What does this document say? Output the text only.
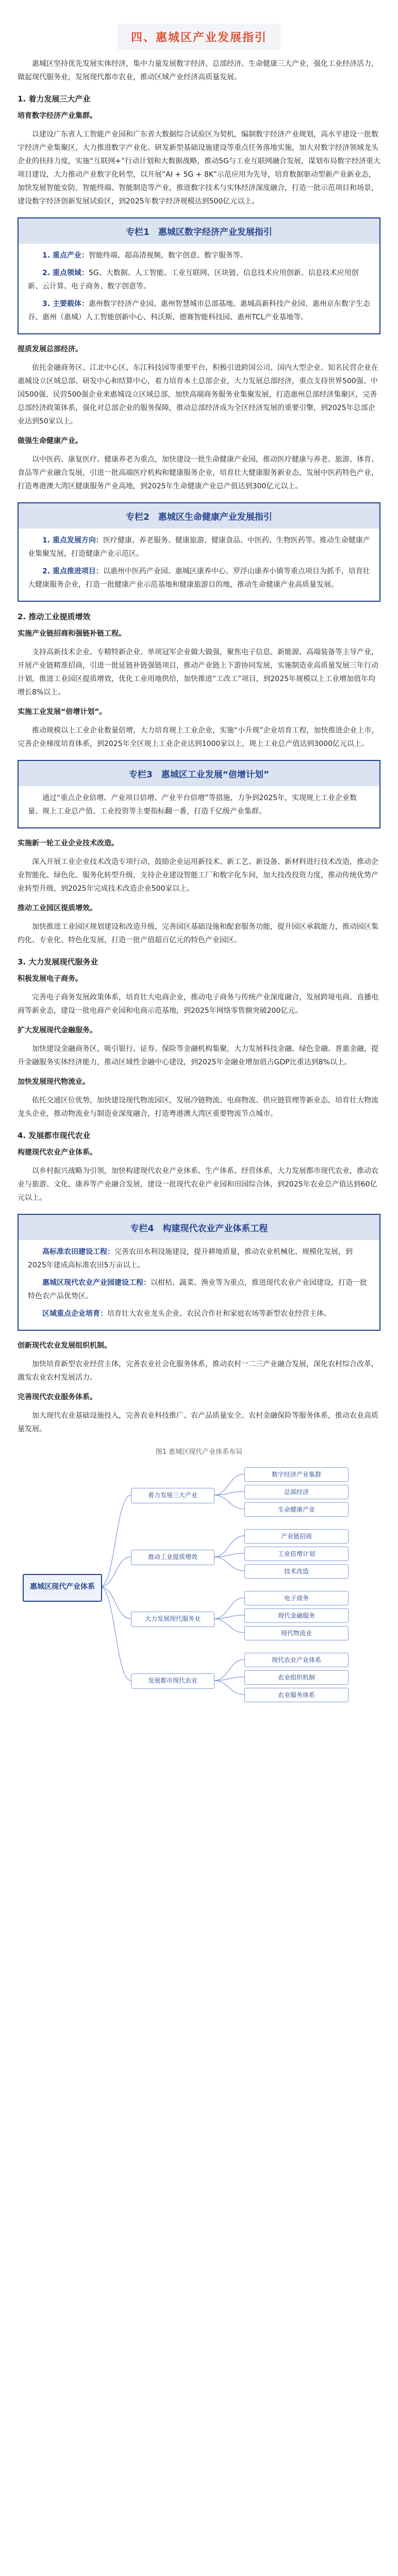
四、惠城区产业发展指引

惠城区坚持优先发展实体经济，集中力量发展数字经济、总部经济、生命健康三大产业，强化工业经济活力，做起现代服务业，发展现代都市农业，推动区域产业经济高质量发展。

1. 着力发展三大产业
培育数字经济产业集群。

以建设广东省人工智能产业园和广东省大数据综合试验区为契机，编制数字经济产业规划，高水平建设一批数字经济产业集聚区，大力推进数字产业化、研发新型基础设施建设等重点任务落地实施，加大对数字经济领域龙头企业的扶持力度，实施“互联网+”行动计划和大数据战略，推动5G与工业互联网融合发展，谋划布局数字经济重大项目建设，大力推动产业数字化转型，以开展“AI + 5G + 8K”示范应用为先导，培育数据驱动型新产业新业态，加快发展智能安防、智能终端、智能制造等产业，推进数字技术与实体经济深度融合，打造一批示范项目和场景，建设数字经济创新发展试验区，到2025年数字经济规模达到500亿元以上。

专栏1　惠城区数字经济产业发展指引

1. 重点产业：智能终端、超高清视频、数字创意、数字服务等。

2. 重点领域：5G、大数据、人工智能、工业互联网、区块链、信息技术应用创新、信息技术应用创新、云计算、电子商务、数字创意等。

3. 主要载体：惠州数字经济产业园、惠州智慧城市总部基地、惠城高新科技产业园、惠州京东数字生态谷、惠州（惠城）人工智能创新中心、科沃斯、德赛智能科技园、惠州TCL产业基地等。

提质发展总部经济。

依托金融商务区、江北中心区、东江科技园等重要平台，积极引进跨国公司、国内大型企业、知名民营企业在惠城设立区域总部、研发中心和结算中心，着力培育本土总部企业，大力发展总部经济，重点支持世界500强、中国500强、民营500强企业来惠城设立区域总部，加快高端商务服务业集聚发展，打造惠州总部经济集聚区，完善总部经济政策体系，强化对总部企业的服务保障，推动总部经济成为全区经济发展的重要引擎，到2025年总部企业达到50家以上。

做强生命健康产业。

以中医药、康复医疗、健康养老为重点，加快建设一批生命健康产业园，推动医疗健康与养老、旅游、体育、食品等产业融合发展，引进一批高端医疗机构和健康服务企业，培育壮大健康服务新业态，发展中医药特色产业，打造粤港澳大湾区健康服务产业高地，到2025年生命健康产业总产值达到300亿元以上。

专栏2　惠城区生命健康产业发展指引

1. 重点发展方向：医疗健康、养老服务、健康旅游、健康食品、中医药、生物医药等。推动生命健康产业集聚发展，打造健康产业示范区。

2. 重点推进项目：以惠州中医药产业园、惠城区康养中心、罗浮山康养小镇等重点项目为抓手，培育壮大健康服务企业，打造一批健康产业示范基地和健康旅游目的地，推动生命健康产业高质量发展。

2. 推动工业提质增效
实施产业链招商和强链补链工程。

支持高新技术企业、专精特新企业、单项冠军企业做大做强，聚焦电子信息、新能源、高端装备等主导产业，开展产业链精准招商，引进一批延链补链强链项目，推动产业链上下游协同发展，实施制造业高质量发展三年行动计划，推进工业园区提质增效，优化工业用地供给，加快推进“工改工”项目，到2025年规模以上工业增加值年均增长8%以上。

实施工业发展“倍增计划”。

推动规模以上工业企业数量倍增，大力培育规上工业企业，实施“小升规”企业培育工程，加快推进企业上市，完善企业梯度培育体系，到2025年全区规上工业企业达到1000家以上，规上工业总产值达到3000亿元以上。

专栏3　惠城区工业发展“倍增计划”

通过“重点企业倍增、产业项目倍增、产业平台倍增”等措施，力争到2025年，实现规上工业企业数量、规上工业总产值、工业投资等主要指标翻一番，打造千亿级产业集群。

实施新一轮工业企业技术改造。

深入开展工业企业技术改造专项行动，鼓励企业运用新技术、新工艺、新设备、新材料进行技术改造，推动企业智能化、绿色化、服务化转型升级，支持企业建设智能工厂和数字化车间，加大技改投资力度，推动传统优势产业转型升级，到2025年完成技术改造企业500家以上。

推动工业园区提质增效。

加快推进工业园区规划建设和改造升级，完善园区基础设施和配套服务功能，提升园区承载能力，推动园区集约化、专业化、特色化发展，打造一批产值超百亿元的特色产业园区。

3. 大力发展现代服务业
积极发展电子商务。

完善电子商务发展政策体系，培育壮大电商企业，推动电子商务与传统产业深度融合，发展跨境电商、直播电商等新业态，建设一批电商产业园和电商示范基地，到2025年网络零售额突破200亿元。

扩大发展现代金融服务。

加快建设金融商务区，吸引银行、证券、保险等金融机构集聚，大力发展科技金融、绿色金融、普惠金融，提升金融服务实体经济能力，推动区域性金融中心建设，到2025年金融业增加值占GDP比重达到8%以上。

加快发展现代物流业。

依托交通区位优势，加快建设现代物流园区，发展冷链物流、电商物流、供应链管理等新业态，培育壮大物流龙头企业，推动物流业与制造业深度融合，打造粤港澳大湾区重要物流节点城市。

4. 发展都市现代农业
构建现代农业产业体系。

以乡村振兴战略为引领，加快构建现代农业产业体系、生产体系、经营体系，大力发展都市现代农业，推动农业与旅游、文化、康养等产业融合发展，建设一批现代农业产业园和田园综合体，到2025年农业总产值达到60亿元以上。

专栏4　构建现代农业产业体系工程

高标准农田建设工程：完善农田水利设施建设，提升耕地质量，推动农业机械化、规模化发展，到2025年建成高标准农田5万亩以上。

惠城区现代农业产业园建设工程：以柑桔、蔬菜、渔业等为重点，推进现代农业产业园建设，打造一批特色农产品优势区。

区域重点企业培育：培育壮大农业龙头企业、农民合作社和家庭农场等新型农业经营主体。

创新现代农业发展组织机制。

加快培育新型农业经营主体，完善农业社会化服务体系，推动农村一二三产业融合发展，深化农村综合改革，激发农业农村发展活力。

完善现代农业服务体系。

加大现代农业基础设施投入，完善农业科技推广、农产品质量安全、农村金融保险等服务体系，推动农业高质量发展。

图1 惠城区现代产业体系布局
惠城区现代产业体系
着力发展三大产业
数字经济产业集群
总部经济
生命健康产业
推动工业提质增效
产业链招商
工业倍增计划
技术改造
大力发展现代服务业
电子商务
现代金融服务
现代物流业
发展都市现代农业
现代农业产业体系
农业组织机制
农业服务体系
